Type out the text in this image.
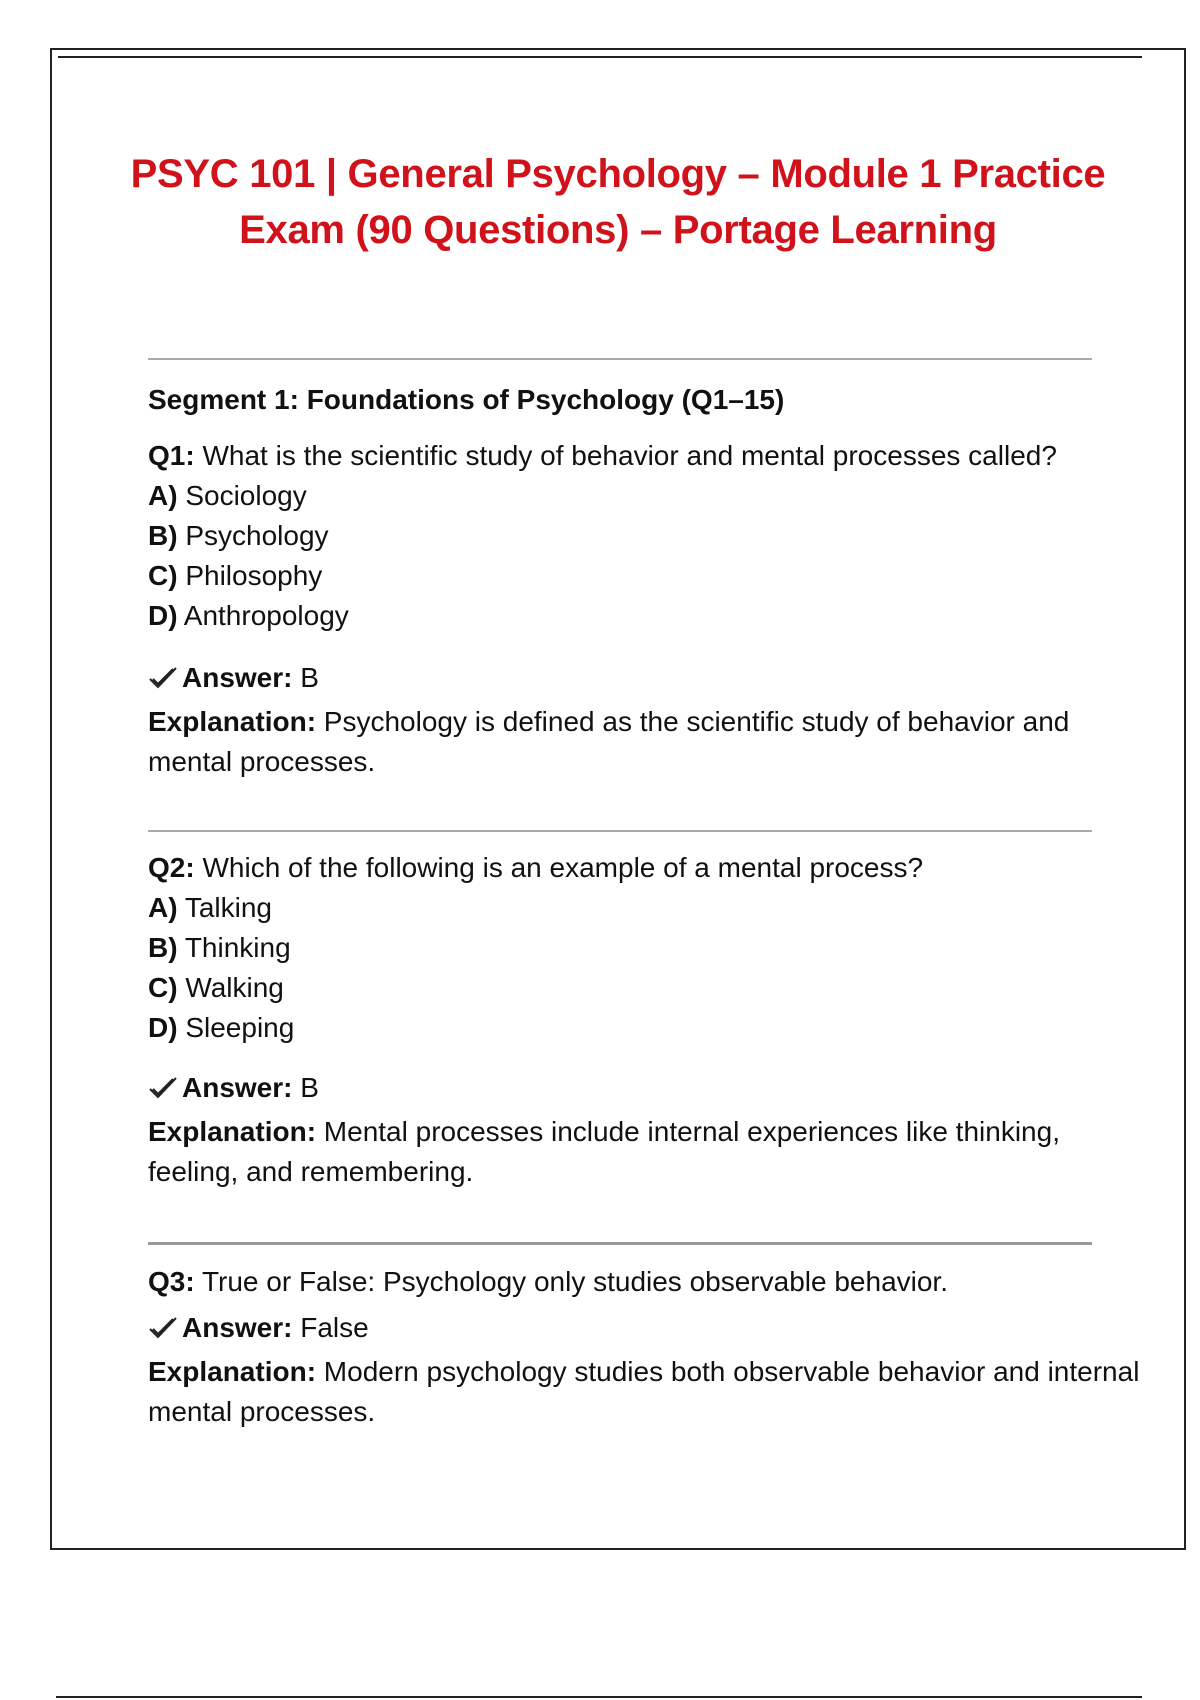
PSYC 101 | General Psychology – Module 1 Practice
Exam (90 Questions) – Portage Learning
Segment 1: Foundations of Psychology (Q1–15)
Q1: What is the scientific study of behavior and mental processes called?
A) Sociology
B) Psychology
C) Philosophy
D) Anthropology
Answer: B
Explanation: Psychology is defined as the scientific study of behavior and
mental processes.
Q2: Which of the following is an example of a mental process?
A) Talking
B) Thinking
C) Walking
D) Sleeping
Answer: B
Explanation: Mental processes include internal experiences like thinking,
feeling, and remembering.
Q3: True or False: Psychology only studies observable behavior.
Answer: False
Explanation: Modern psychology studies both observable behavior and internal
mental processes.
